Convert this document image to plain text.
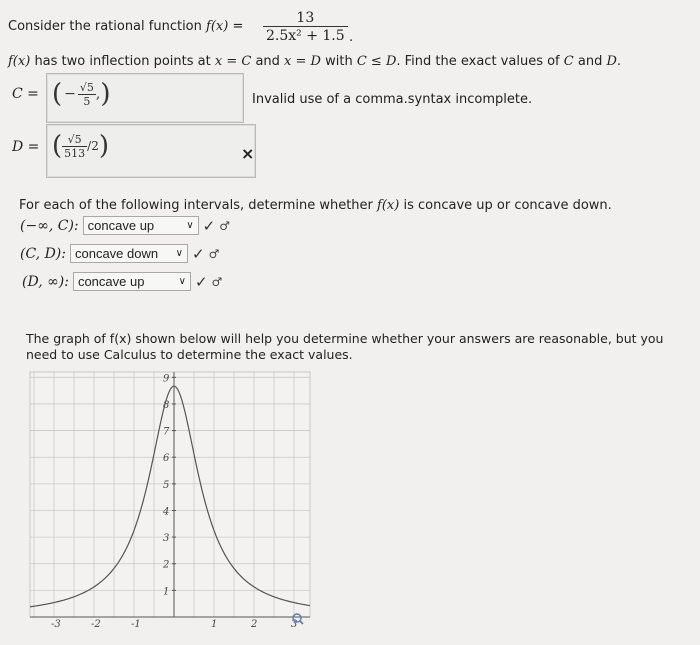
Consider the rational function $f(x) = \frac{13}{\text{2.5x² + 1.5}}$ .
f(x) has two inflection points at x = C and x = D with C ≤ D. Find the exact values of C and D.
C = ( − $\frac{√5}{5}$ , )	Invalid use of a comma.syntax incomplete.
D = ( $\frac{√5}{513} /2$ )	×
For each of the following intervals, determine whether f(x) is concave up or concave down.
(−∞, C): concave up	∨ ✓ ♂
(C, D): concave down ∨ ✓ ♂
(D, ∞): concave up	∨ ✓ ♂
The graph of f(x) shown below will help you determine whether your answers are reasonable, but you
need to use Calculus to determine the exact values.
-3	-2	-1	1	2	3
1
2
3
4
5
6
7
8
9
